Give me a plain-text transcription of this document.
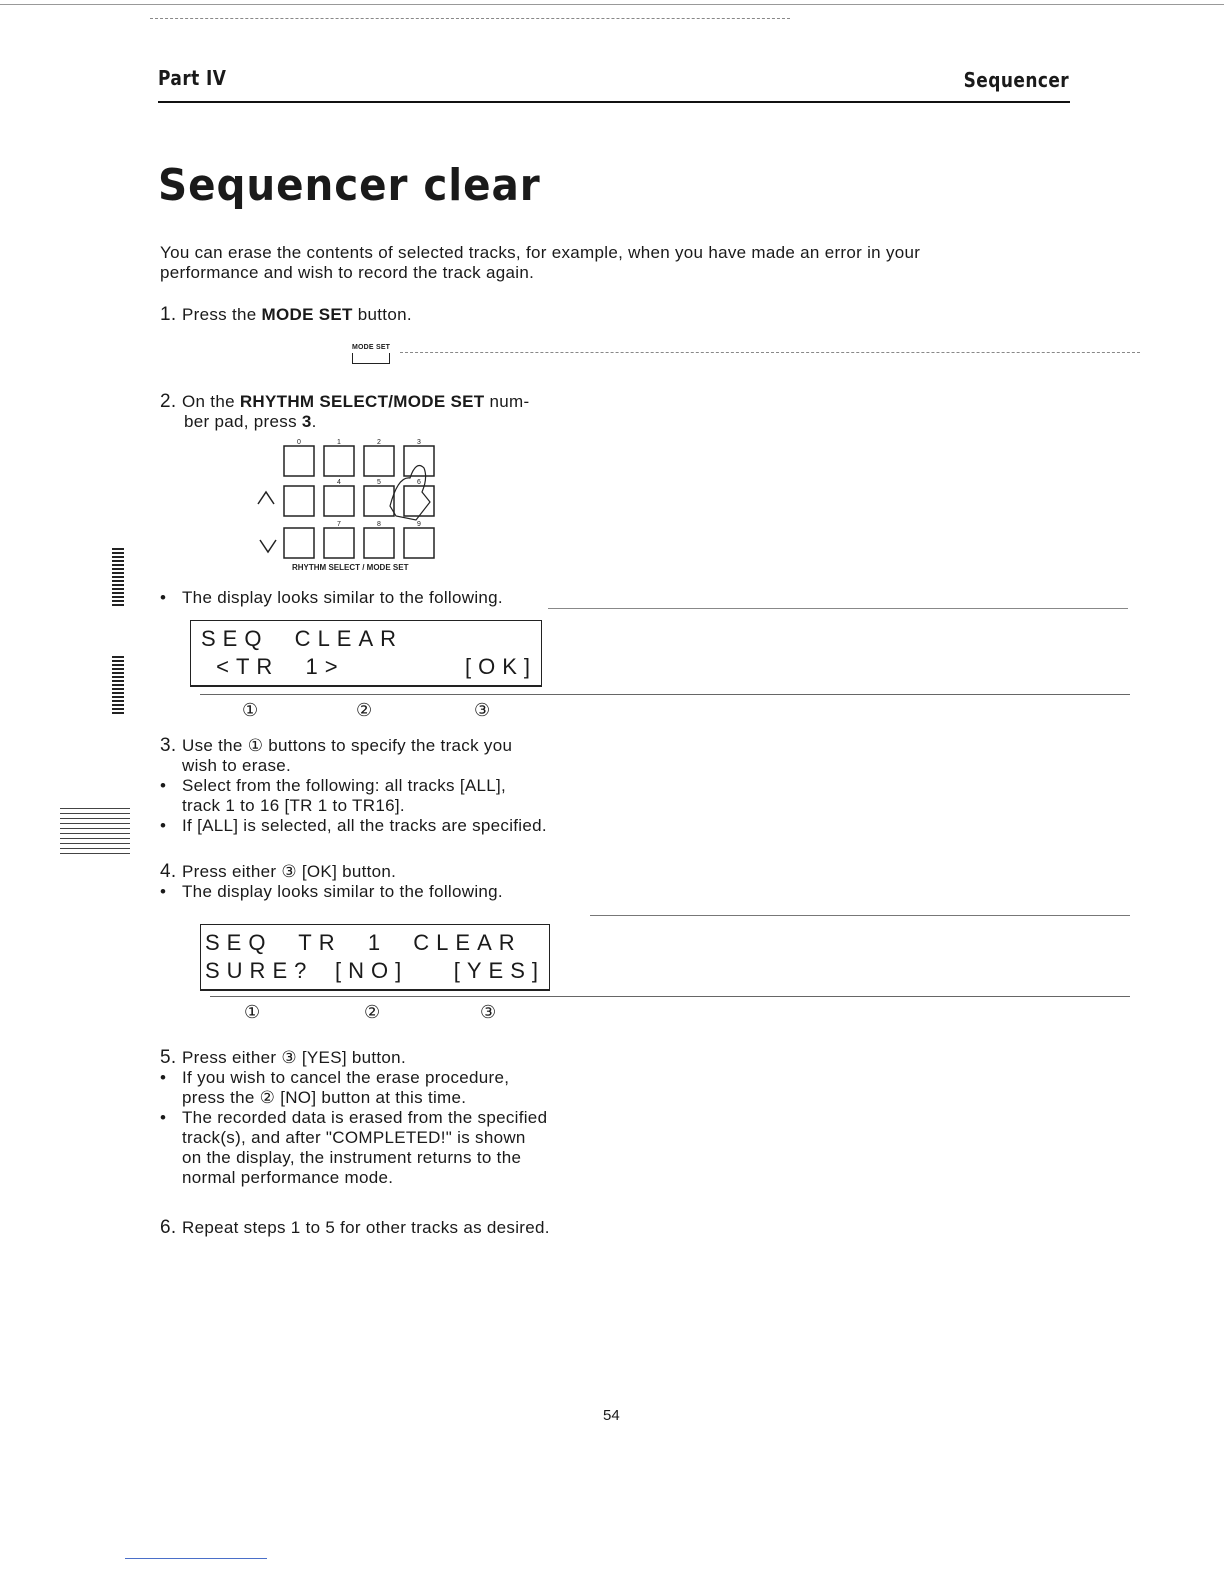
Part IV	Sequencer
Sequencer clear
You can erase the contents of selected tracks, for example, when you have made an error in your
performance and wish to record the track again.
1. Press the MODE SET button.
MODE SET
2. On the RHYTHM SELECT/MODE SET num-
ber pad, press 3.
0	1	2	3
4	5	6
7	8	9
RHYTHM SELECT / MODE SET
• The display looks similar to the following.
SEQ  CLEAR
<TR  1>	[OK]
①	②	③
3. Use the ① buttons to specify the track you
wish to erase.
• Select from the following: all tracks [ALL],
track 1 to 16 [TR 1 to TR16].
• If [ALL] is selected, all the tracks are specified.
4. Press either ③ [OK] button.
• The display looks similar to the following.
SEQ  TR  1  CLEAR
SURE? [NO] [YES]
①	②	③
5. Press either ③ [YES] button.
• If you wish to cancel the erase procedure,
press the ② [NO] button at this time.
• The recorded data is erased from the specified
track(s), and after "COMPLETED!" is shown
on the display, the instrument returns to the
normal performance mode.
6. Repeat steps 1 to 5 for other tracks as desired.
54
